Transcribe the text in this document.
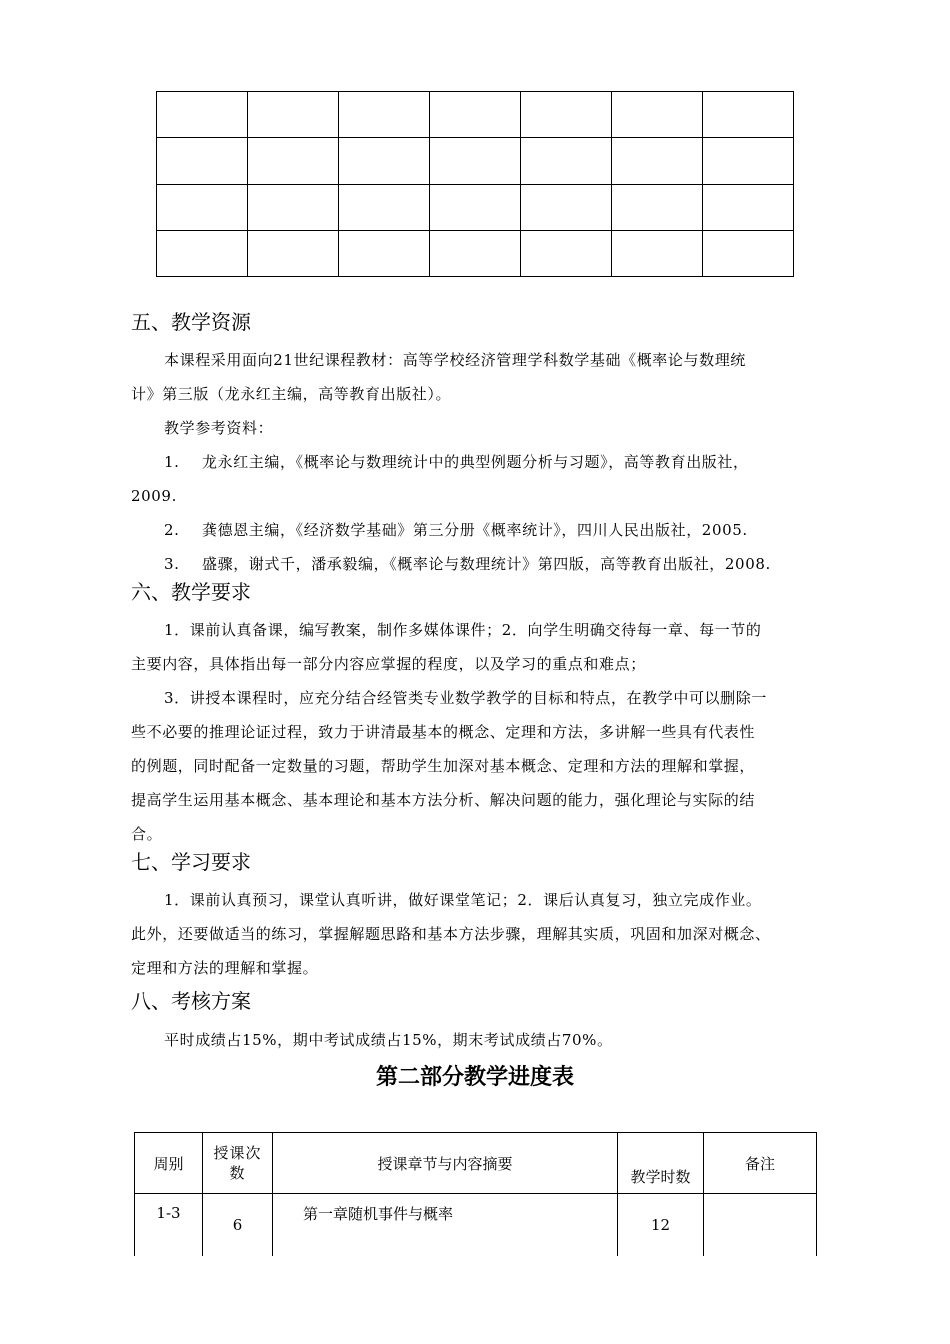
五、教学资源
本课程采用面向21世纪课程教材：高等学校经济管理学科数学基础《概率论与数理统
计》第三版（龙永红主编，高等教育出版社）。
教学参考资料：
1. 龙永红主编，《概率论与数理统计中的典型例题分析与习题》，高等教育出版社，
2009.
2. 龚德恩主编，《经济数学基础》第三分册《概率统计》，四川人民出版社，2005.
3. 盛骤，谢式千，潘承毅编，《概率论与数理统计》第四版，高等教育出版社，2008.
六、教学要求
1．课前认真备课，编写教案，制作多媒体课件；2．向学生明确交待每一章、每一节的
主要内容，具体指出每一部分内容应掌握的程度，以及学习的重点和难点；
3．讲授本课程时，应充分结合经管类专业数学教学的目标和特点，在教学中可以删除一
些不必要的推理论证过程，致力于讲清最基本的概念、定理和方法，多讲解一些具有代表性
的例题，同时配备一定数量的习题，帮助学生加深对基本概念、定理和方法的理解和掌握，
提高学生运用基本概念、基本理论和基本方法分析、解决问题的能力，强化理论与实际的结
合。
七、学习要求
1．课前认真预习，课堂认真听讲，做好课堂笔记；2．课后认真复习，独立完成作业。
此外，还要做适当的练习，掌握解题思路和基本方法步骤，理解其实质，巩固和加深对概念、
定理和方法的理解和掌握。
八、考核方案
平时成绩占15%，期中考试成绩占15%，期末考试成绩占70%。
第二部分教学进度表
周别	授课次数	授课章节与内容摘要	教学时数	备注
1-3	6	第一章随机事件与概率	12	
